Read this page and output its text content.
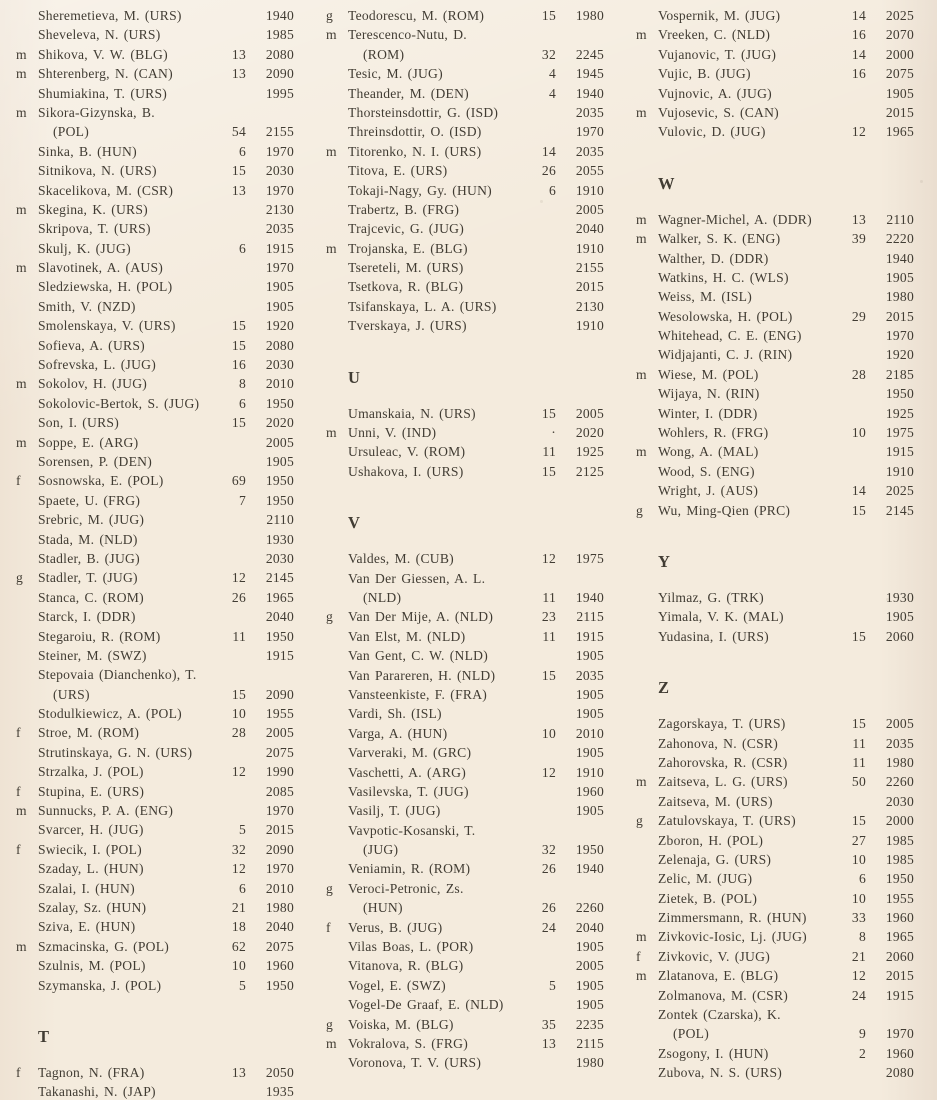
Sheremetieva, M. (URS)	1940
Sheveleva, N. (URS)	1985
m Shikova, V. W. (BLG)	13	2080
m Shterenberg, N. (CAN)	13	2090
Shumiakina, T. (URS)	1995
m Sikora-Gizynska, B.
(POL)	54	2155
Sinka, B. (HUN)	6	1970
Sitnikova, N. (URS)	15	2030
Skacelikova, M. (CSR)	13	1970
m Skegina, K. (URS)	2130
Skripova, T. (URS)	2035
Skulj, K. (JUG)	6	1915
m Slavotinek, A. (AUS)	1970
Sledziewska, H. (POL)	1905
Smith, V. (NZD)	1905
Smolenskaya, V. (URS)	15	1920
Sofieva, A. (URS)	15	2080
Sofrevska, L. (JUG)	16	2030
m Sokolov, H. (JUG)	8	2010
Sokolovic-Bertok, S. (JUG)	6	1950
Son, I. (URS)	15	2020
m Soppe, E. (ARG)	2005
Sorensen, P. (DEN)	1905
f	Sosnowska, E. (POL)	69	1950
Spaete, U. (FRG)	7	1950
Srebric, M. (JUG)	2110
Stada, M. (NLD)	1930
Stadler, B. (JUG)	2030
g	Stadler, T. (JUG)	12	2145
Stanca, C. (ROM)	26	1965
Starck, I. (DDR)	2040
Stegaroiu, R. (ROM)	11	1950
Steiner, M. (SWZ)	1915
Stepovaia (Dianchenko), T.
(URS)	15	2090
Stodulkiewicz, A. (POL)	10	1955
f	Stroe, M. (ROM)	28	2005
Strutinskaya, G. N. (URS)	2075
Strzalka, J. (POL)	12	1990
f	Stupina, E. (URS)	2085
m Sunnucks, P. A. (ENG)	1970
Svarcer, H. (JUG)	5	2015
f	Swiecik, I. (POL)	32	2090
Szaday, L. (HUN)	12	1970
Szalai, I. (HUN)	6	2010
Szalay, Sz. (HUN)	21	1980
Sziva, E. (HUN)	18	2040
m Szmacinska, G. (POL)	62	2075
Szulnis, M. (POL)	10	1960
Szymanska, J. (POL)	5	1950
T
f	Tagnon, N. (FRA)	13	2050
Takanashi, N. (JAP)	1935
g	Teodorescu, M. (ROM)	15	1980
m Terescenco-Nutu, D.
(ROM)	32	2245
Tesic, M. (JUG)	4	1945
Theander, M. (DEN)	4	1940
Thorsteinsdottir, G. (ISD)	2035
Threinsdottir, O. (ISD)	1970
m Titorenko, N. I. (URS)	14	2035
Titova, E. (URS)	26	2055
Tokaji-Nagy, Gy. (HUN)	6	1910
Trabertz, B. (FRG)	2005
Trajcevic, G. (JUG)	2040
m Trojanska, E. (BLG)	1910
Tsereteli, M. (URS)	2155
Tsetkova, R. (BLG)	2015
Tsifanskaya, L. A. (URS)	2130
Tverskaya, J. (URS)	1910
U
Umanskaia, N. (URS)	15	2005
m Unni, V. (IND)	·	2020
Ursuleac, V. (ROM)	11	1925
Ushakova, I. (URS)	15	2125
V
Valdes, M. (CUB)	12	1975
Van Der Giessen, A. L.
(NLD)	11	1940
g	Van Der Mije, A. (NLD)	23	2115
Van Elst, M. (NLD)	11	1915
Van Gent, C. W. (NLD)	1905
Van Parareren, H. (NLD)	15	2035
Vansteenkiste, F. (FRA)	1905
Vardi, Sh. (ISL)	1905
Varga, A. (HUN)	10	2010
Varveraki, M. (GRC)	1905
Vaschetti, A. (ARG)	12	1910
Vasilevska, T. (JUG)	1960
Vasilj, T. (JUG)	1905
Vavpotic-Kosanski, T.
(JUG)	32	1950
Veniamin, R. (ROM)	26	1940
g	Veroci-Petronic, Zs.
(HUN)	26	2260
f	Verus, B. (JUG)	24	2040
Vilas Boas, L. (POR)	1905
Vitanova, R. (BLG)	2005
Vogel, E. (SWZ)	5	1905
Vogel-De Graaf, E. (NLD)	1905
g	Voiska, M. (BLG)	35	2235
m Vokralova, S. (FRG)	13	2115
Voronova, T. V. (URS)	1980
Vospernik, M. (JUG)	14	2025
m Vreeken, C. (NLD)	16	2070
Vujanovic, T. (JUG)	14	2000
Vujic, B. (JUG)	16	2075
Vujnovic, A. (JUG)	1905
m Vujosevic, S. (CAN)	2015
Vulovic, D. (JUG)	12	1965
W
m Wagner-Michel, A. (DDR)	13	2110
m Walker, S. K. (ENG)	39	2220
Walther, D. (DDR)	1940
Watkins, H. C. (WLS)	1905
Weiss, M. (ISL)	1980
Wesolowska, H. (POL)	29	2015
Whitehead, C. E. (ENG)	1970
Widjajanti, C. J. (RIN)	1920
m Wiese, M. (POL)	28	2185
Wijaya, N. (RIN)	1950
Winter, I. (DDR)	1925
Wohlers, R. (FRG)	10	1975
m Wong, A. (MAL)	1915
Wood, S. (ENG)	1910
Wright, J. (AUS)	14	2025
g	Wu, Ming-Qien (PRC)	15	2145
Y
Yilmaz, G. (TRK)	1930
Yimala, V. K. (MAL)	1905
Yudasina, I. (URS)	15	2060
Z
Zagorskaya, T. (URS)	15	2005
Zahonova, N. (CSR)	11	2035
Zahorovska, R. (CSR)	11	1980
m Zaitseva, L. G. (URS)	50	2260
Zaitseva, M. (URS)	2030
g	Zatulovskaya, T. (URS)	15	2000
Zboron, H. (POL)	27	1985
Zelenaja, G. (URS)	10	1985
Zelic, M. (JUG)	6	1950
Zietek, B. (POL)	10	1955
Zimmersmann, R. (HUN)	33	1960
m Zivkovic-Iosic, Lj. (JUG)	8	1965
f	Zivkovic, V. (JUG)	21	2060
m Zlatanova, E. (BLG)	12	2015
Zolmanova, M. (CSR)	24	1915
Zontek (Czarska), K.
(POL)	9	1970
Zsogony, I. (HUN)	2	1960
Zubova, N. S. (URS)	2080
